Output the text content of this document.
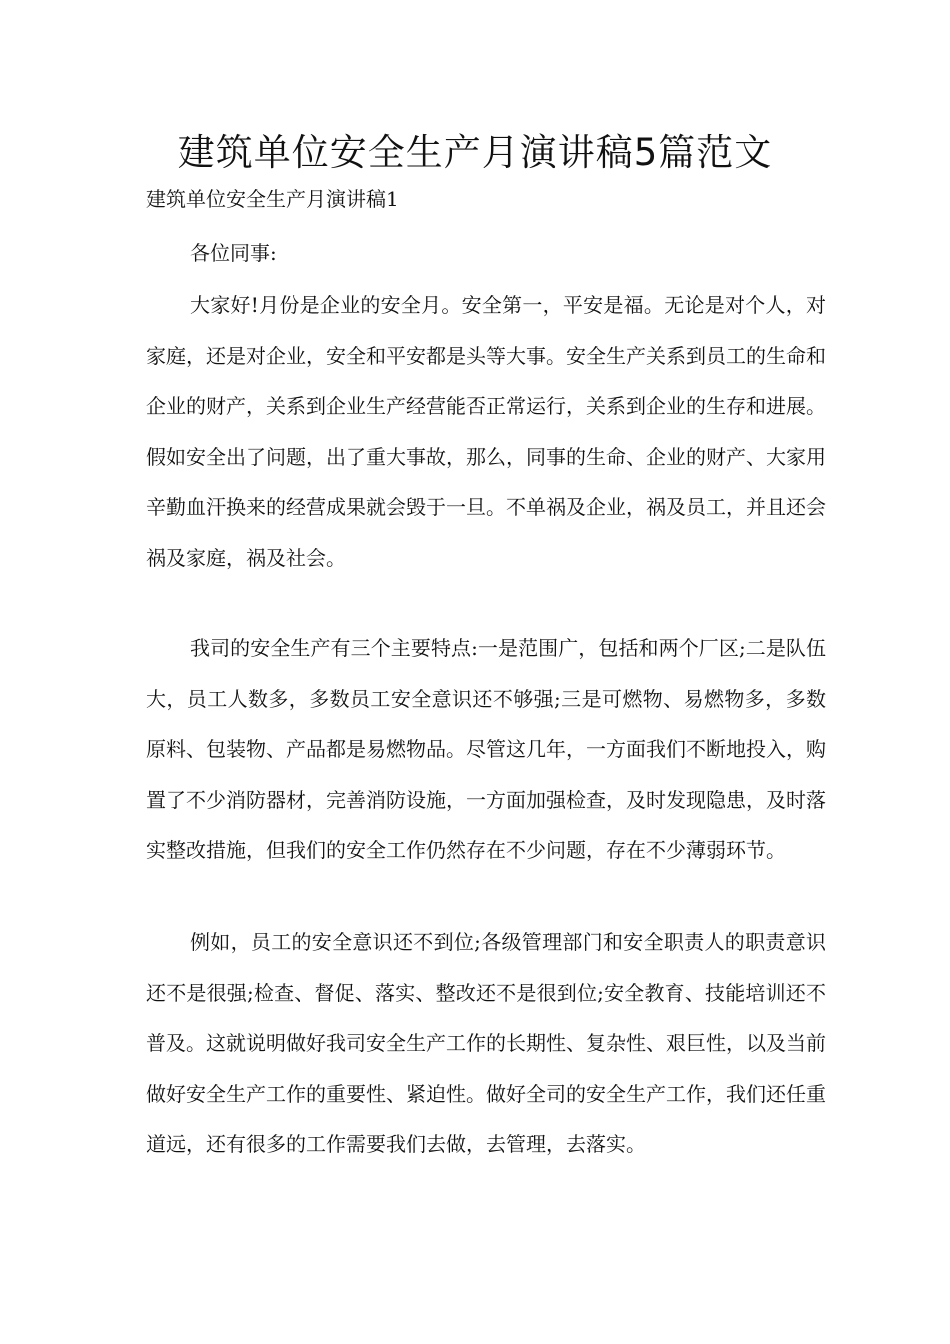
建筑单位安全生产月演讲稿5篇范文

建筑单位安全生产月演讲稿1

各位同事:

大家好!月份是企业的安全月。安全第一，平安是福。无论是对个人，对家庭，还是对企业，安全和平安都是头等大事。安全生产关系到员工的生命和企业的财产，关系到企业生产经营能否正常运行，关系到企业的生存和进展。假如安全出了问题，出了重大事故，那么，同事的生命、企业的财产、大家用辛勤血汗换来的经营成果就会毁于一旦。不单祸及企业，祸及员工，并且还会祸及家庭，祸及社会。

我司的安全生产有三个主要特点:一是范围广，包括和两个厂区;二是队伍大，员工人数多，多数员工安全意识还不够强;三是可燃物、易燃物多，多数原料、包装物、产品都是易燃物品。尽管这几年，一方面我们不断地投入，购置了不少消防器材，完善消防设施，一方面加强检查，及时发现隐患，及时落实整改措施，但我们的安全工作仍然存在不少问题，存在不少薄弱环节。

例如，员工的安全意识还不到位;各级管理部门和安全职责人的职责意识还不是很强;检查、督促、落实、整改还不是很到位;安全教育、技能培训还不普及。这就说明做好我司安全生产工作的长期性、复杂性、艰巨性，以及当前做好安全生产工作的重要性、紧迫性。做好全司的安全生产工作，我们还任重道远，还有很多的工作需要我们去做，去管理，去落实。
